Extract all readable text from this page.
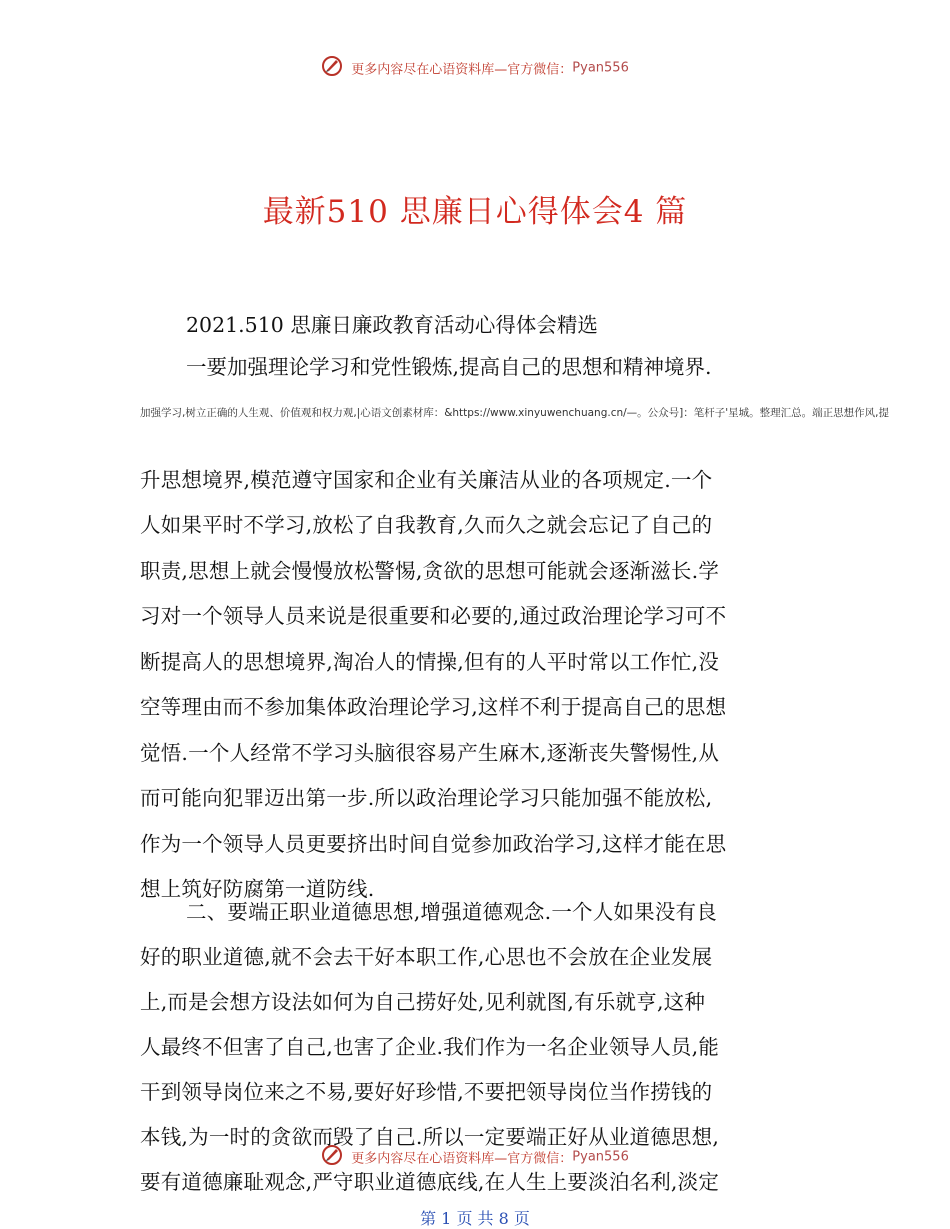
更多内容尽在心语资料库—官方微信：Pyan556
最新510 思廉日心得体会4 篇
2021.510 思廉日廉政教育活动心得体会精选
一要加强理论学习和党性锻炼,提高自己的思想和精神境界.
加强学习,树立正确的人生观、价值观和权力观,|心语文创素材库：&https://www.xinyuwenchuang.cn/—。公众号]：笔杆子'星城。整理汇总。端正思想作风,提
升思想境界,模范遵守国家和企业有关廉洁从业的各项规定.一个
人如果平时不学习,放松了自我教育,久而久之就会忘记了自己的
职责,思想上就会慢慢放松警惕,贪欲的思想可能就会逐渐滋长.学
习对一个领导人员来说是很重要和必要的,通过政治理论学习可不
断提高人的思想境界,淘冶人的情操,但有的人平时常以工作忙,没
空等理由而不参加集体政治理论学习,这样不利于提高自己的思想
觉悟.一个人经常不学习头脑很容易产生麻木,逐渐丧失警惕性,从
而可能向犯罪迈出第一步.所以政治理论学习只能加强不能放松,
作为一个领导人员更要挤出时间自觉参加政治学习,这样才能在思
想上筑好防腐第一道防线.
二、要端正职业道德思想,增强道德观念.一个人如果没有良
好的职业道德,就不会去干好本职工作,心思也不会放在企业发展
上,而是会想方设法如何为自己捞好处,见利就图,有乐就亨,这种
人最终不但害了自己,也害了企业.我们作为一名企业领导人员,能
干到领导岗位来之不易,要好好珍惜,不要把领导岗位当作捞钱的
本钱,为一时的贪欲而毁了自己.所以一定要端正好从业道德思想,
要有道德廉耻观念,严守职业道德底线,在人生上要淡泊名利,淡定
更多内容尽在心语资料库—官方微信：Pyan556
第 1 页 共 8 页
